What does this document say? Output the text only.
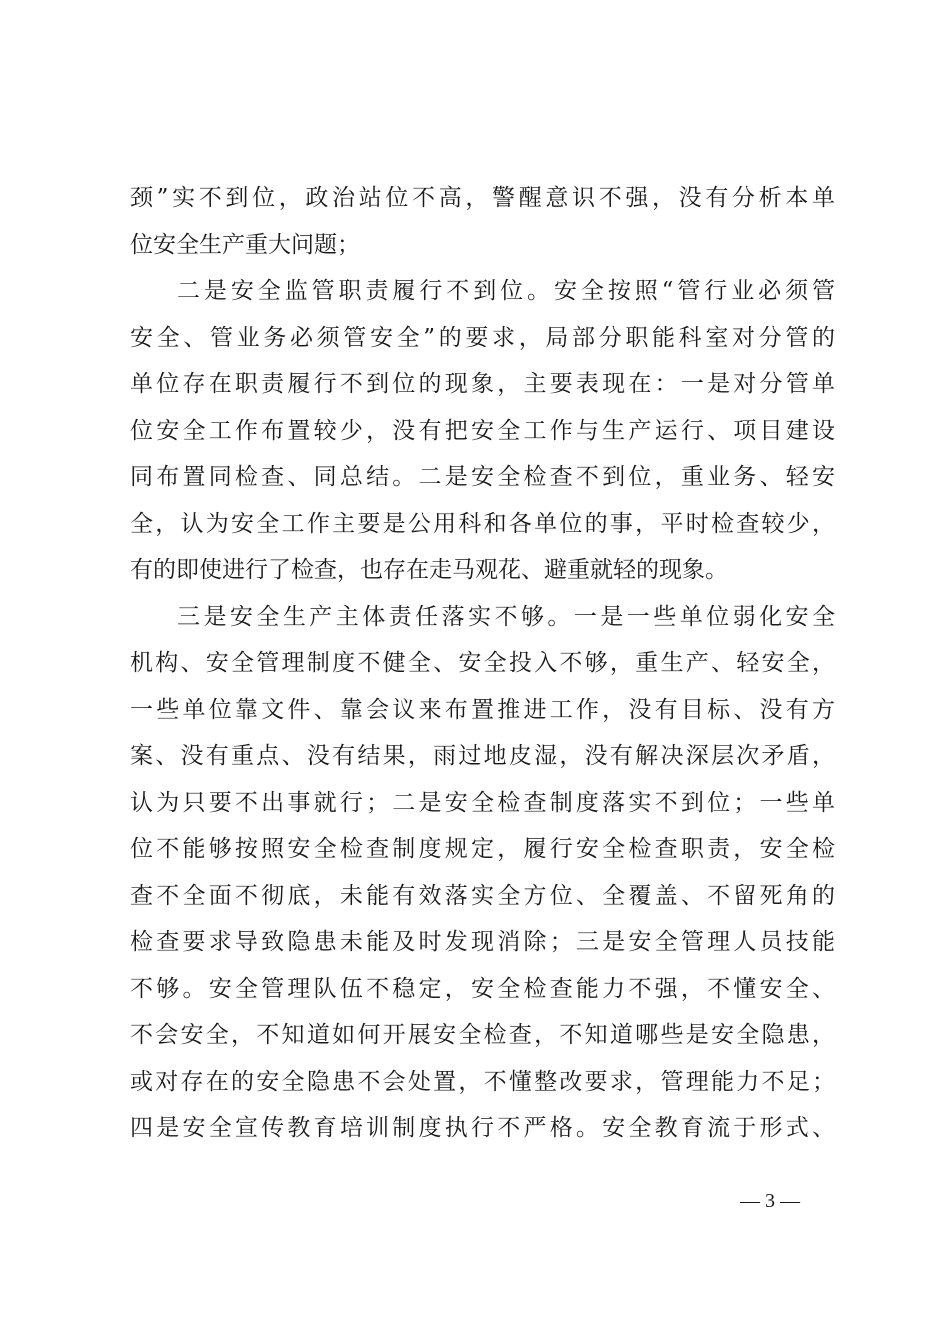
颈”实不到位，政治站位不高，警醒意识不强，没有分析本单
位安全生产重大问题；
二是安全监管职责履行不到位。安全按照“管行业必须管
安全、管业务必须管安全”的要求，局部分职能科室对分管的
单位存在职责履行不到位的现象，主要表现在：一是对分管单
位安全工作布置较少，没有把安全工作与生产运行、项目建设
同布置同检查、同总结。二是安全检查不到位，重业务、轻安
全，认为安全工作主要是公用科和各单位的事，平时检查较少，
有的即使进行了检查，也存在走马观花、避重就轻的现象。
三是安全生产主体责任落实不够。一是一些单位弱化安全
机构、安全管理制度不健全、安全投入不够，重生产、轻安全，
一些单位靠文件、靠会议来布置推进工作，没有目标、没有方
案、没有重点、没有结果，雨过地皮湿，没有解决深层次矛盾，
认为只要不出事就行；二是安全检查制度落实不到位；一些单
位不能够按照安全检查制度规定，履行安全检查职责，安全检
查不全面不彻底，未能有效落实全方位、全覆盖、不留死角的
检查要求导致隐患未能及时发现消除；三是安全管理人员技能
不够。安全管理队伍不稳定，安全检查能力不强，不懂安全、
不会安全，不知道如何开展安全检查，不知道哪些是安全隐患，
或对存在的安全隐患不会处置，不懂整改要求，管理能力不足；
四是安全宣传教育培训制度执行不严格。安全教育流于形式、
— 3 —
